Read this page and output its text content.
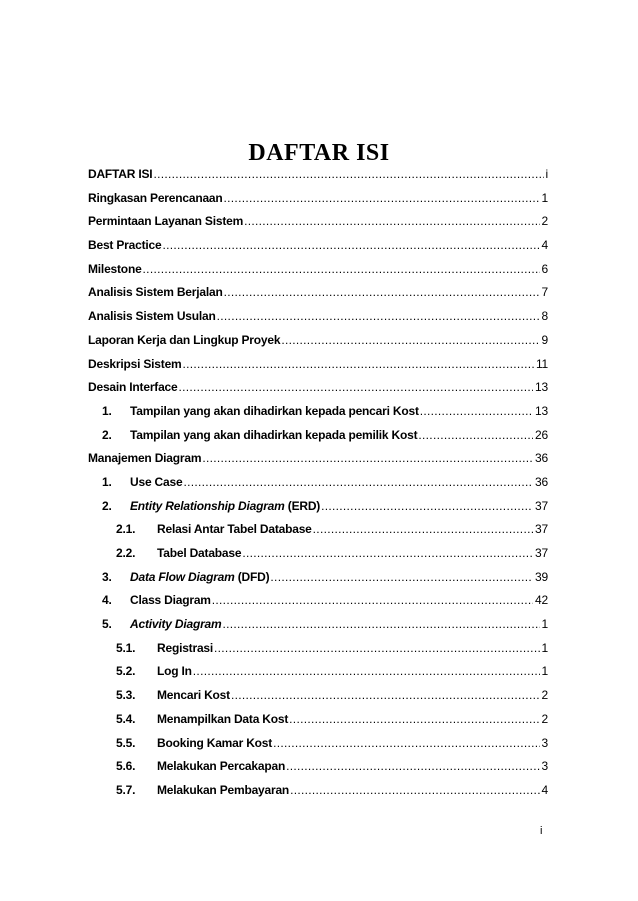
DAFTAR ISI
DAFTAR ISI .....	i
Ringkasan Perencanaan .....	1
Permintaan Layanan Sistem .....	2
Best Practice .....	4
Milestone .....	6
Analisis Sistem Berjalan .....	7
Analisis Sistem Usulan .....	8
Laporan Kerja dan Lingkup Proyek .....	9
Deskripsi Sistem .....	11
Desain Interface .....	13
1.	Tampilan yang akan dihadirkan kepada pencari Kost .....	13
2.	Tampilan yang akan dihadirkan kepada pemilik Kost .....	26
Manajemen Diagram .....	36
1.	Use Case .....	36
2.	Entity Relationship Diagram (ERD) .....	37
2.1.	Relasi Antar Tabel Database .....	37
2.2.	Tabel Database .....	37
3.	Data Flow Diagram (DFD) .....	39
4.	Class Diagram .....	42
5.	Activity Diagram .....	1
5.1.	Registrasi .....	1
5.2.	Log In .....	1
5.3.	Mencari Kost .....	2
5.4.	Menampilkan Data Kost .....	2
5.5.	Booking Kamar Kost .....	3
5.6.	Melakukan Percakapan .....	3
5.7.	Melakukan Pembayaran .....	4
i
